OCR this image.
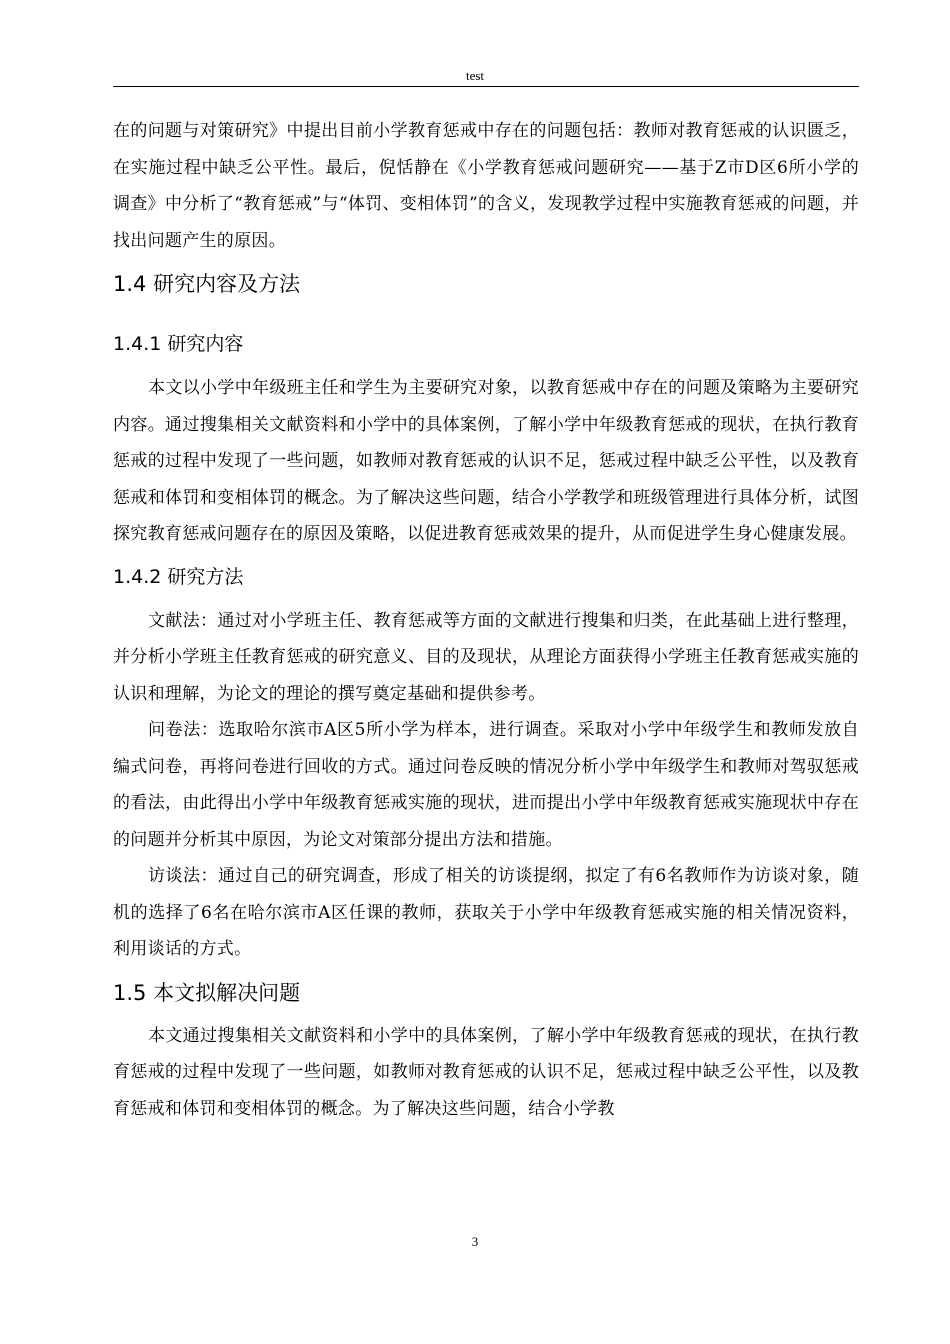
test

在的问题与对策研究》中提出目前小学教育惩戒中存在的问题包括：教师对教育惩戒的认识匮乏，在实施过程中缺乏公平性。最后，倪恬静在《小学教育惩戒问题研究——基于Z市D区6所小学的调查》中分析了“教育惩戒”与“体罚、变相体罚”的含义，发现教学过程中实施教育惩戒的问题，并找出问题产生的原因。

1.4 研究内容及方法
1.4.1 研究内容

本文以小学中年级班主任和学生为主要研究对象，以教育惩戒中存在的问题及策略为主要研究内容。通过搜集相关文献资料和小学中的具体案例，了解小学中年级教育惩戒的现状，在执行教育惩戒的过程中发现了一些问题，如教师对教育惩戒的认识不足，惩戒过程中缺乏公平性，以及教育惩戒和体罚和变相体罚的概念。为了解决这些问题，结合小学教学和班级管理进行具体分析，试图探究教育惩戒问题存在的原因及策略，以促进教育惩戒效果的提升，从而促进学生身心健康发展。

1.4.2 研究方法

文献法：通过对小学班主任、教育惩戒等方面的文献进行搜集和归类，在此基础上进行整理，并分析小学班主任教育惩戒的研究意义、目的及现状，从理论方面获得小学班主任教育惩戒实施的认识和理解，为论文的理论的撰写奠定基础和提供参考。

问卷法：选取哈尔滨市A区5所小学为样本，进行调查。采取对小学中年级学生和教师发放自编式问卷，再将问卷进行回收的方式。通过问卷反映的情况分析小学中年级学生和教师对驾驭惩戒的看法，由此得出小学中年级教育惩戒实施的现状，进而提出小学中年级教育惩戒实施现状中存在的问题并分析其中原因，为论文对策部分提出方法和措施。

访谈法：通过自己的研究调查，形成了相关的访谈提纲，拟定了有6名教师作为访谈对象，随机的选择了6名在哈尔滨市A区任课的教师，获取关于小学中年级教育惩戒实施的相关情况资料，利用谈话的方式。

1.5 本文拟解决问题

本文通过搜集相关文献资料和小学中的具体案例，了解小学中年级教育惩戒的现状，在执行教育惩戒的过程中发现了一些问题，如教师对教育惩戒的认识不足，惩戒过程中缺乏公平性，以及教育惩戒和体罚和变相体罚的概念。为了解决这些问题，结合小学教

3
